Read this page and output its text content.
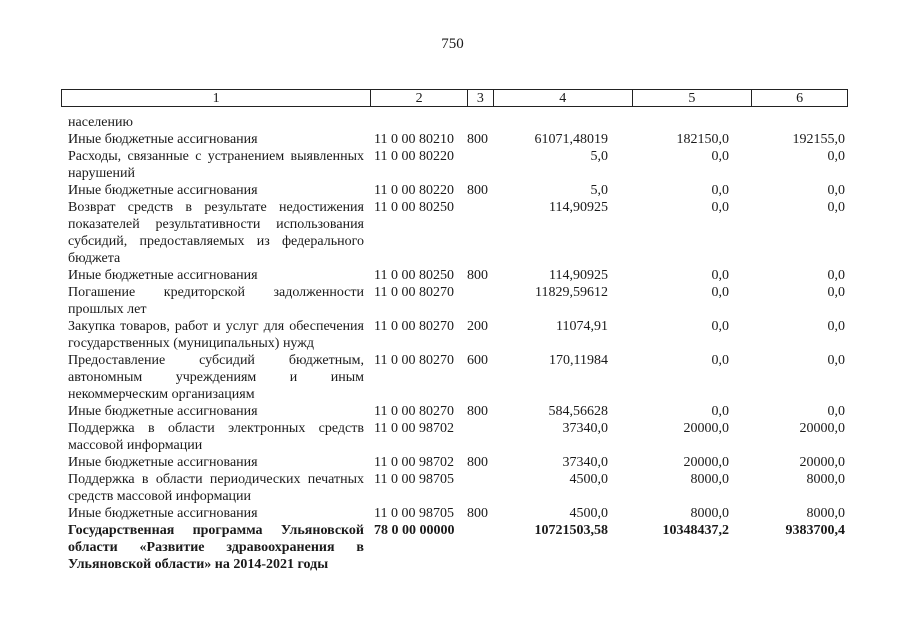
750
1	2	3	4	5	6
населению
Иные бюджетные ассигнования	11 0 00 80210 800	61071,48019	182150,0	192155,0
Расходы, связанные с устранением выявленных нарушений
11 0 00 80220	5,0	0,0	0,0
Иные бюджетные ассигнования	11 0 00 80220 800	5,0	0,0	0,0
Возврат средств в результате недостижения показателей результативности использования субсидий, предоставляемых из федерального бюджета
11 0 00 80250	114,90925	0,0	0,0
Иные бюджетные ассигнования	11 0 00 80250 800	114,90925	0,0	0,0
Погашение кредиторской задолженности прошлых лет
11 0 00 80270	11829,59612	0,0	0,0
Закупка товаров, работ и услуг для обеспечения государственных (муниципальных) нужд
11 0 00 80270 200	11074,91	0,0	0,0
Предоставление субсидий бюджетным, автономным учреждениям и иным некоммерческим организациям
11 0 00 80270 600	170,11984	0,0	0,0
Иные бюджетные ассигнования	11 0 00 80270 800	584,56628	0,0	0,0
Поддержка в области электронных средств массовой информации
11 0 00 98702	37340,0	20000,0	20000,0
Иные бюджетные ассигнования	11 0 00 98702 800	37340,0	20000,0	20000,0
Поддержка в области периодических печатных средств массовой информации
11 0 00 98705	4500,0	8000,0	8000,0
Иные бюджетные ассигнования	11 0 00 98705 800	4500,0	8000,0	8000,0
Государственная программа Ульяновской области «Развитие здравоохранения в Ульяновской области» на 2014-2021 годы
78 0 00 00000	10721503,58	10348437,2	9383700,4
